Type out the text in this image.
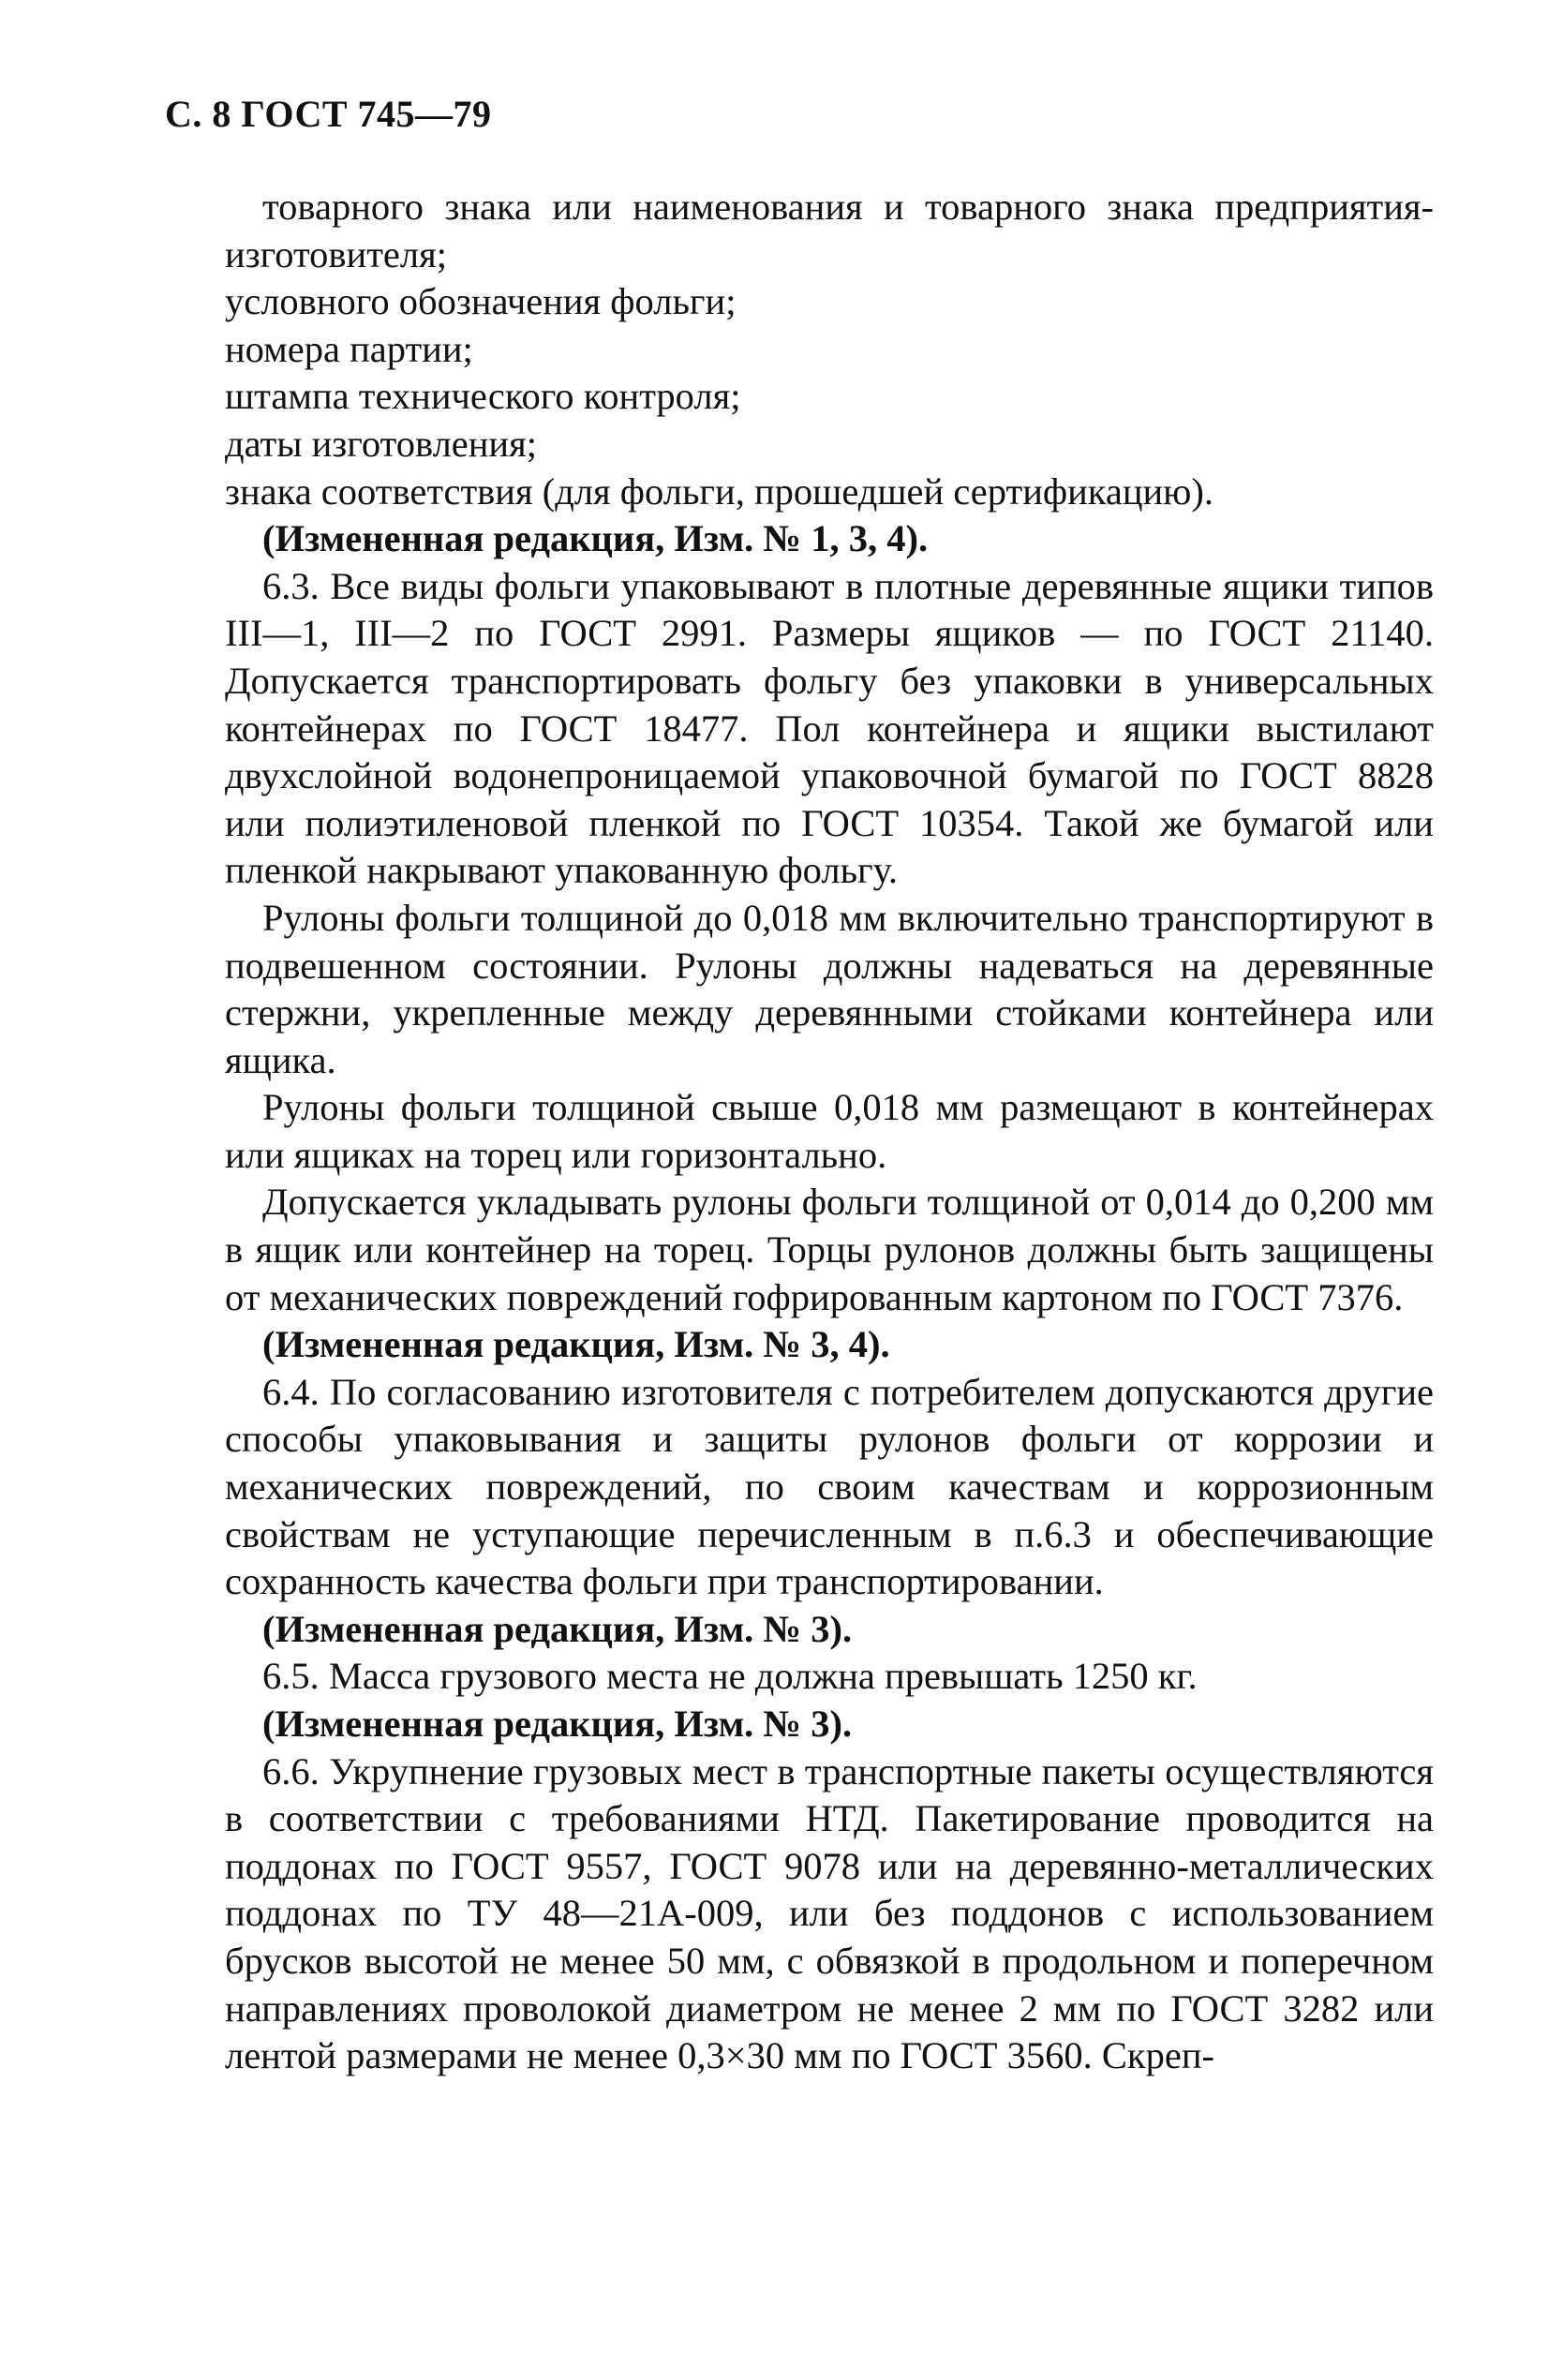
С. 8 ГОСТ 745—79

товарного знака или наименования и товарного знака предприятия-изготовителя;

условного обозначения фольги;

номера партии;

штампа технического контроля;

даты изготовления;

знака соответствия (для фольги, прошедшей сертификацию).

(Измененная редакция, Изм. № 1, 3, 4).

6.3. Все виды фольги упаковывают в плотные деревянные ящики типов III—1, III—2 по ГОСТ 2991. Размеры ящиков — по ГОСТ 21140. Допускается транспортировать фольгу без упаковки в универсальных контейнерах по ГОСТ 18477. Пол контейнера и ящики выстилают двухслойной водонепроницаемой упаковочной бумагой по ГОСТ 8828 или полиэтиленовой пленкой по ГОСТ 10354. Такой же бумагой или пленкой накрывают упакованную фольгу.

Рулоны фольги толщиной до 0,018 мм включительно транспортируют в подвешенном состоянии. Рулоны должны надеваться на деревянные стержни, укрепленные между деревянными стойками контейнера или ящика.

Рулоны фольги толщиной свыше 0,018 мм размещают в контейнерах или ящиках на торец или горизонтально.

Допускается укладывать рулоны фольги толщиной от 0,014 до 0,200 мм в ящик или контейнер на торец. Торцы рулонов должны быть защищены от механических повреждений гофрированным картоном по ГОСТ 7376.

(Измененная редакция, Изм. № 3, 4).

6.4. По согласованию изготовителя с потребителем допускаются другие способы упаковывания и защиты рулонов фольги от коррозии и механических повреждений, по своим качествам и коррозионным свойствам не уступающие перечисленным в п.6.3 и обеспечивающие сохранность качества фольги при транспортировании.

(Измененная редакция, Изм. № 3).

6.5. Масса грузового места не должна превышать 1250 кг.

(Измененная редакция, Изм. № 3).

6.6. Укрупнение грузовых мест в транспортные пакеты осуществляются в соответствии с требованиями НТД. Пакетирование проводится на поддонах по ГОСТ 9557, ГОСТ 9078 или на деревянно-металлических поддонах по ТУ 48—21А-009, или без поддонов с использованием брусков высотой не менее 50 мм, с обвязкой в продольном и поперечном направлениях проволокой диаметром не менее 2 мм по ГОСТ 3282 или лентой размерами не менее 0,3×30 мм по ГОСТ 3560. Скреп-
